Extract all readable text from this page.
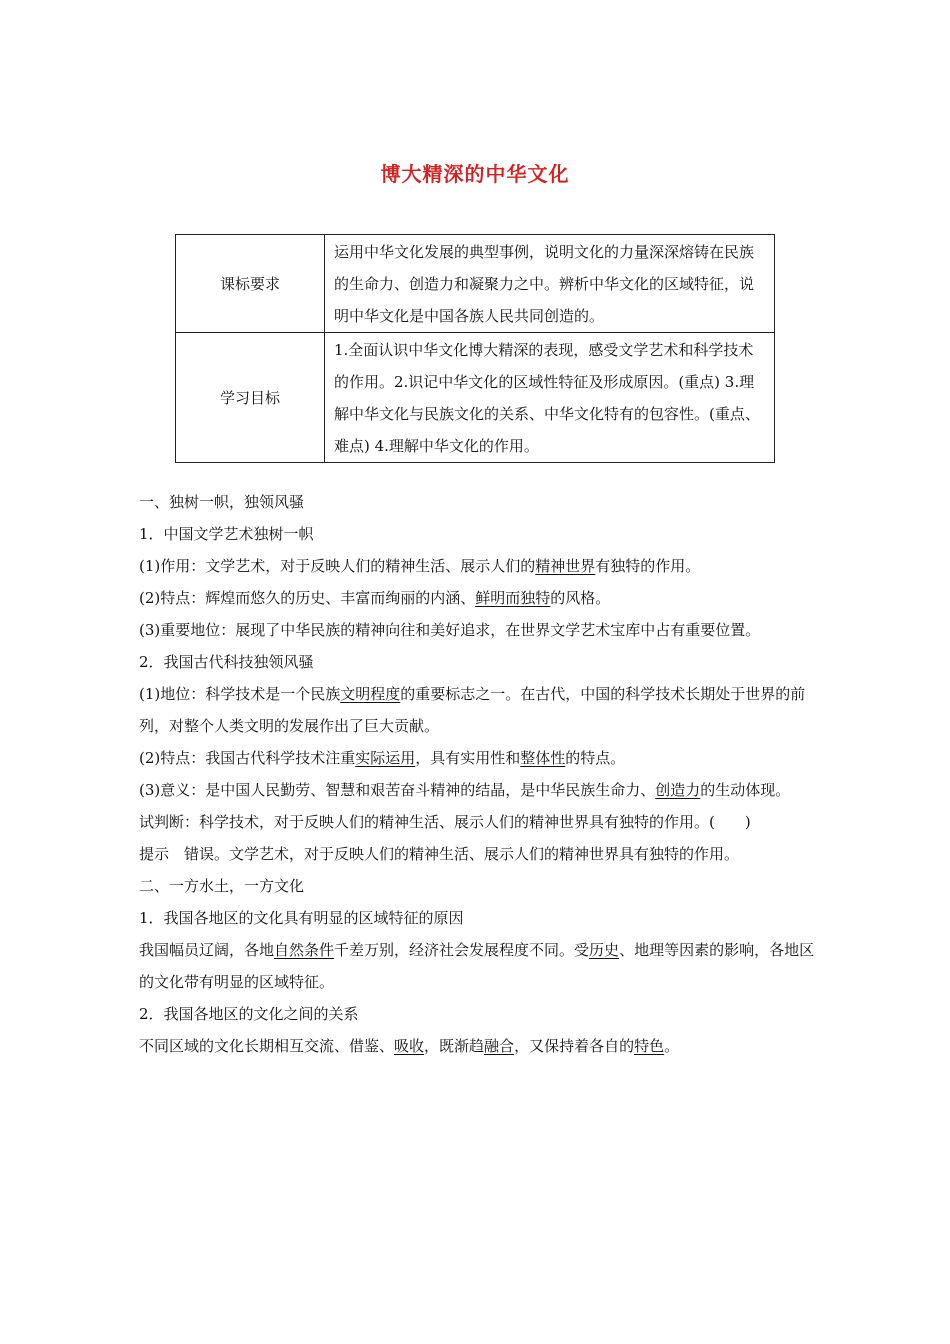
博大精深的中华文化
课标要求	运用中华文化发展的典型事例，说明文化的力量深深熔铸在民族的生命力、创造力和凝聚力之中。辨析中华文化的区域特征，说明中华文化是中国各族人民共同创造的。
学习目标	1.全面认识中华文化博大精深的表现，感受文学艺术和科学技术的作用。2.识记中华文化的区域性特征及形成原因。(重点) 3.理解中华文化与民族文化的关系、中华文化特有的包容性。(重点、难点) 4.理解中华文化的作用。

一、独树一帜，独领风骚

1．中国文学艺术独树一帜

(1)作用：文学艺术，对于反映人们的精神生活、展示人们的精神世界有独特的作用。

(2)特点：辉煌而悠久的历史、丰富而绚丽的内涵、鲜明而独特的风格。

(3)重要地位：展现了中华民族的精神向往和美好追求，在世界文学艺术宝库中占有重要位置。

2．我国古代科技独领风骚

(1)地位：科学技术是一个民族文明程度的重要标志之一。在古代，中国的科学技术长期处于世界的前列，对整个人类文明的发展作出了巨大贡献。

(2)特点：我国古代科学技术注重实际运用，具有实用性和整体性的特点。

(3)意义：是中国人民勤劳、智慧和艰苦奋斗精神的结晶，是中华民族生命力、创造力的生动体现。

试判断：科学技术，对于反映人们的精神生活、展示人们的精神世界具有独特的作用。(　　)

提示　错误。文学艺术，对于反映人们的精神生活、展示人们的精神世界具有独特的作用。

二、一方水土，一方文化

1．我国各地区的文化具有明显的区域特征的原因

我国幅员辽阔，各地自然条件千差万别，经济社会发展程度不同。受历史、地理等因素的影响，各地区的文化带有明显的区域特征。

2．我国各地区的文化之间的关系

不同区域的文化长期相互交流、借鉴、吸收，既渐趋融合，又保持着各自的特色。
